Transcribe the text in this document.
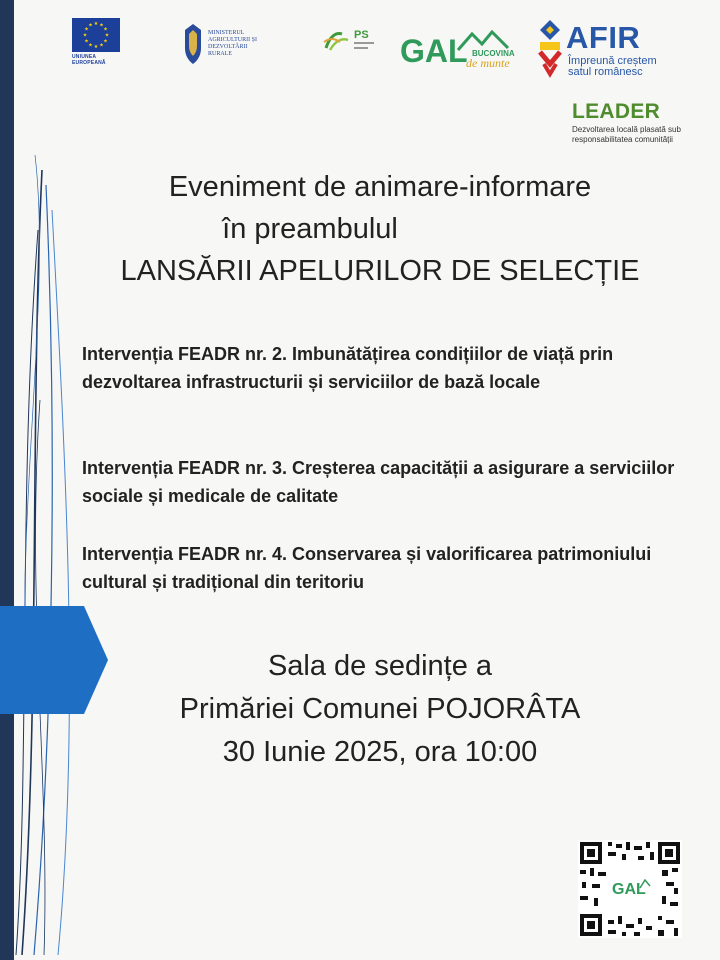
★ ★
★
★
★
★
★
★
★
★
★
★
UNIUNEA EUROPEANĂ
MINISTERUL AGRICULTURII ȘI DEZVOLTĂRII RURALE
PS GAL BUCOVINA
de munte
AFIR
Împreună creștem
satul românesc
LEADER
Dezvoltarea locală plasată sub
responsabilitatea comunității
Eveniment de animare-informare
în preambulul
LANSĂRII APELURILOR DE SELECȚIE
Intervenția FEADR nr. 2. Imbunătățirea condițiilor de viață prin dezvoltarea infrastructurii și serviciilor de bază locale
Intervenția FEADR nr. 3. Creșterea capacității a asigurare a serviciilor sociale și medicale de calitate
Intervenția FEADR nr. 4. Conservarea și valorificarea patrimoniului cultural și tradițional din teritoriu
Sala de sedințe a
Primăriei Comunei POJORÂTA
30 Iunie 2025, ora 10:00
GAL
